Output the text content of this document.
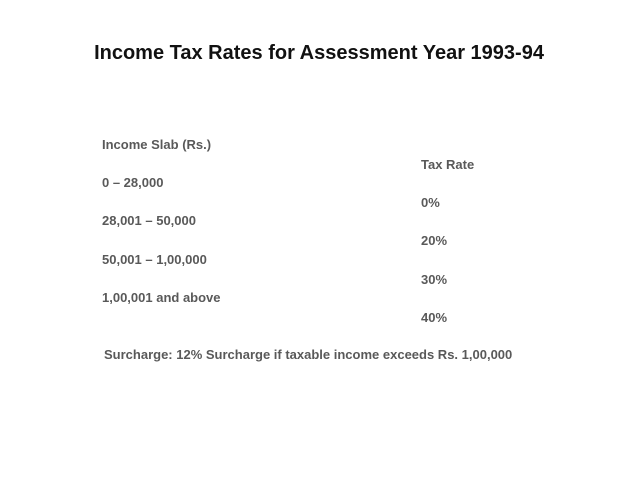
Income Tax Rates for Assessment Year 1993-94
Income Slab (Rs.)
Tax Rate
0 – 28,000
0%
28,001 – 50,000
20%
50,001 – 1,00,000
30%
1,00,001 and above
40%
Surcharge: 12% Surcharge if taxable income exceeds Rs. 1,00,000
